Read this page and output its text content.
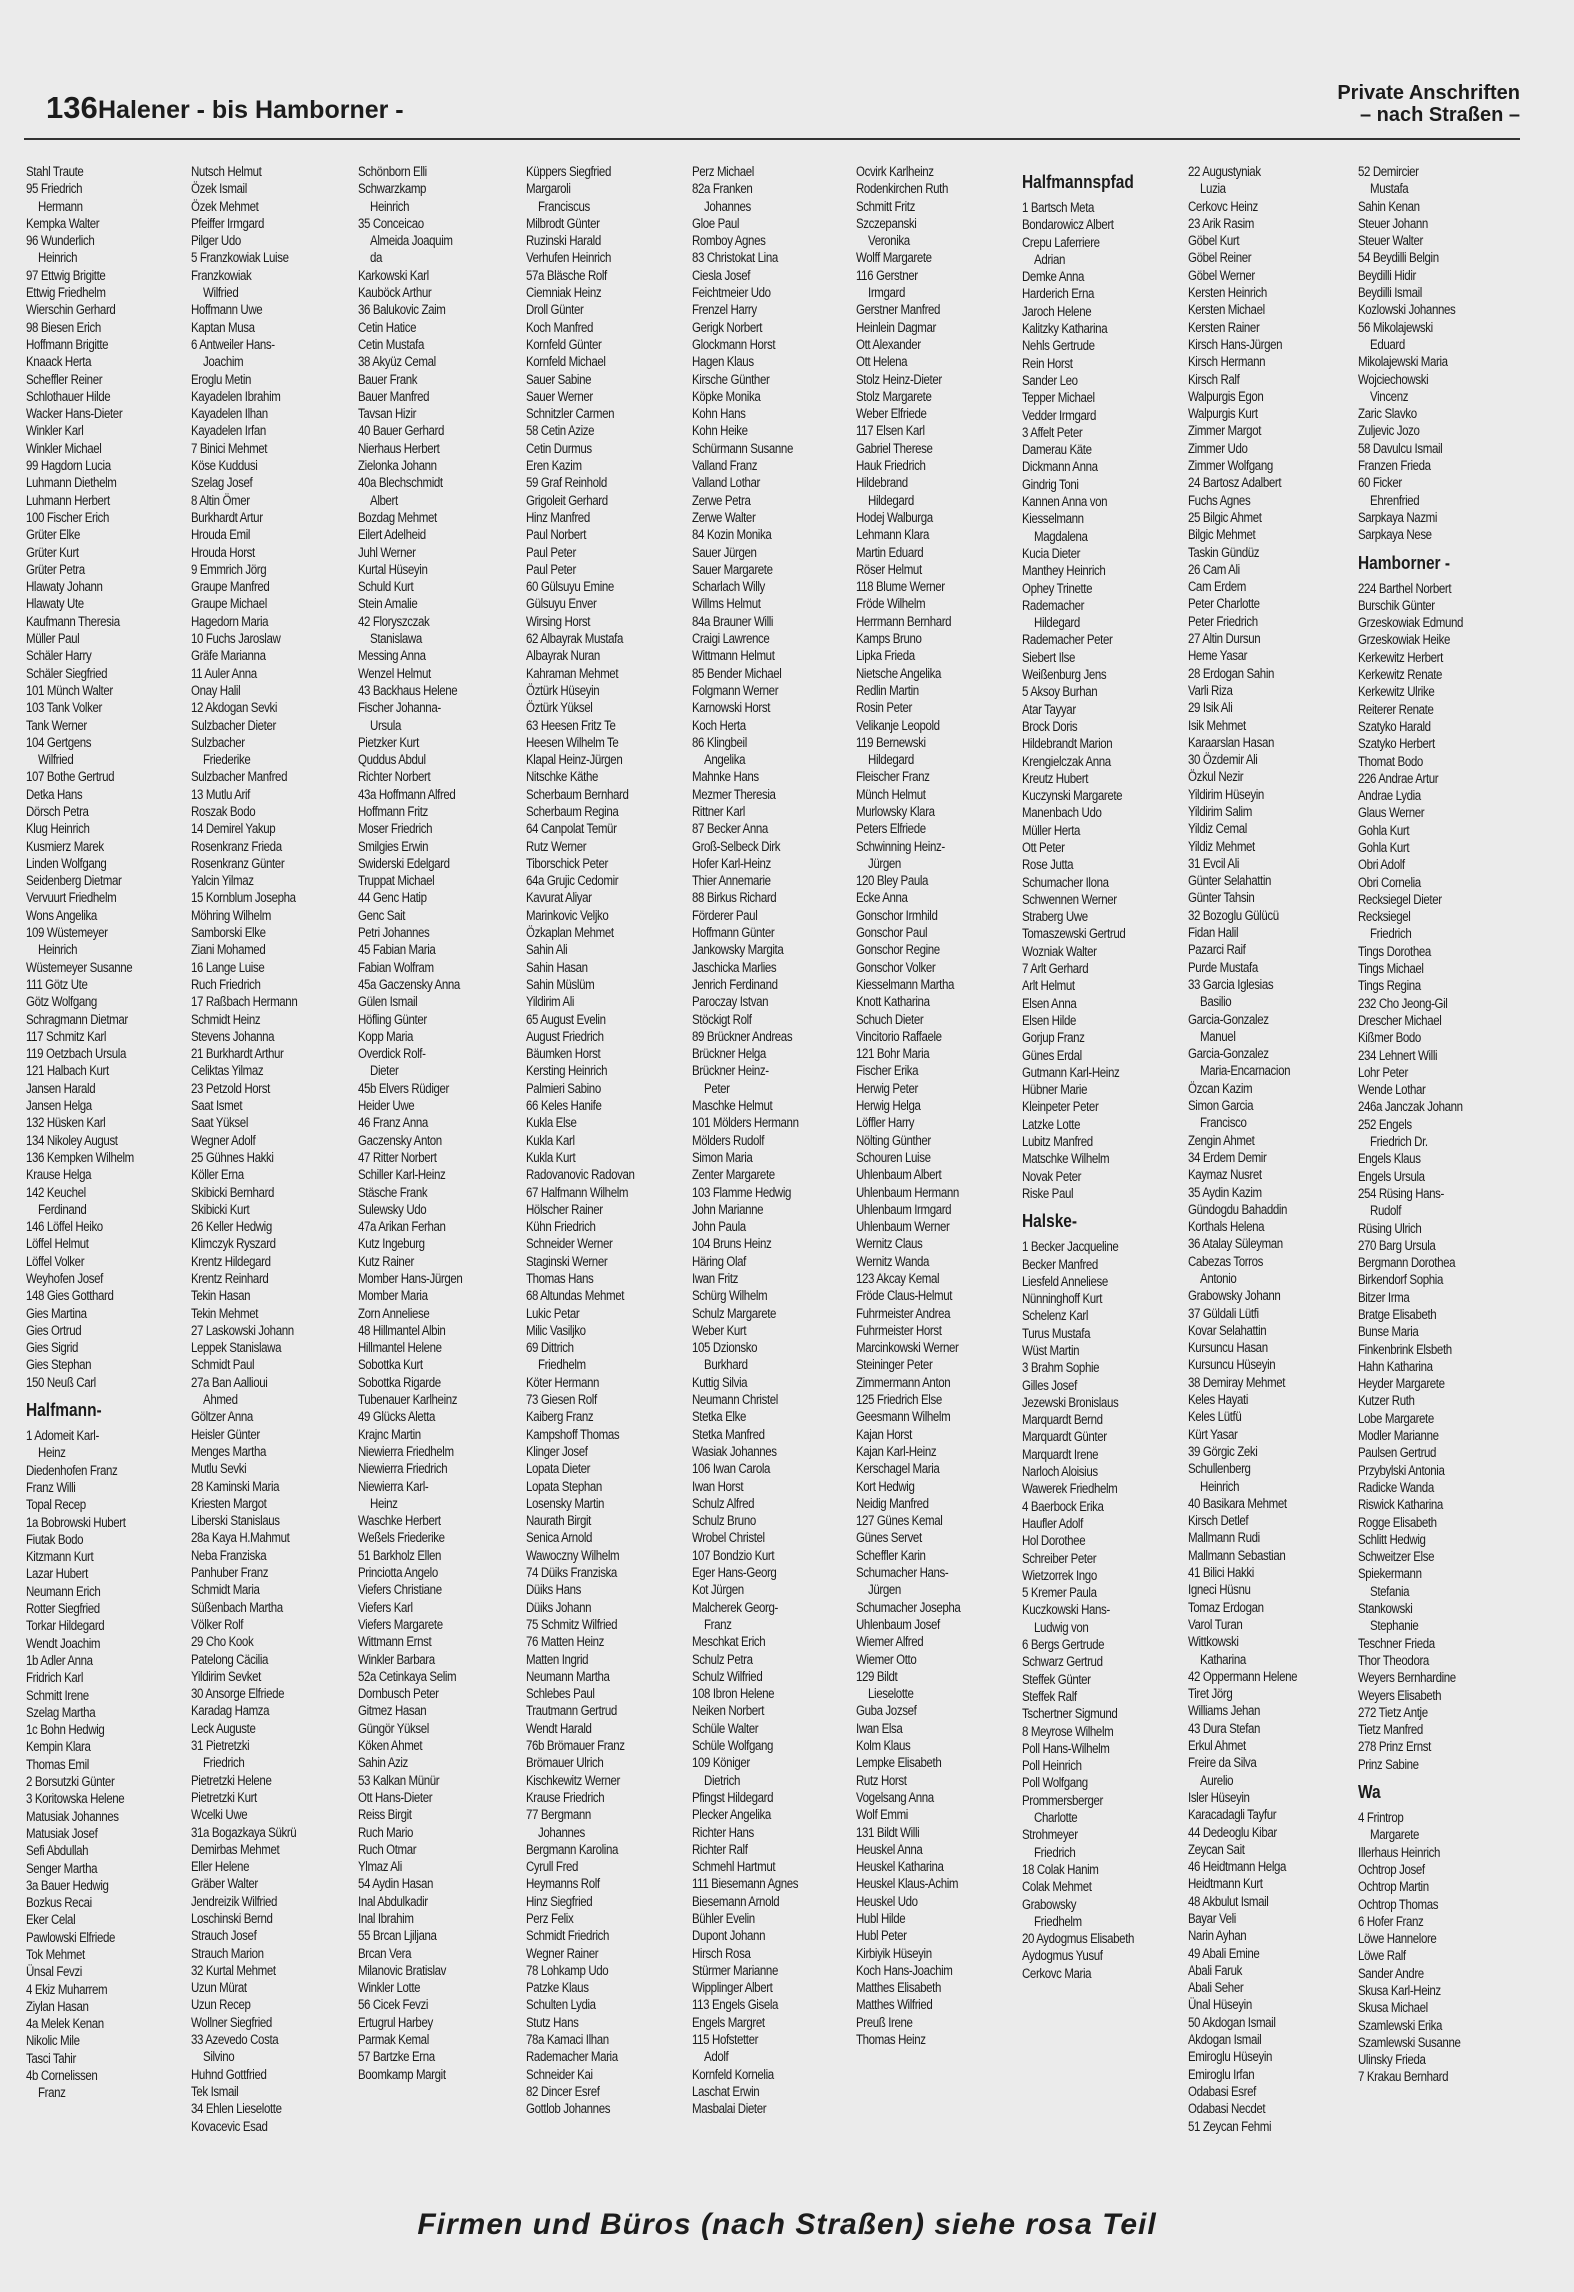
136 Halener - bis Hamborner -
Private Anschriften
– nach Straßen –
Stahl Traute
95 Friedrich
Hermann
Kempka Walter
96 Wunderlich
Heinrich
97 Ettwig Brigitte
Ettwig Friedhelm
Wierschin Gerhard
98 Biesen Erich
Hoffmann Brigitte
Knaack Herta
Scheffler Reiner
Schlothauer Hilde
Wacker Hans-Dieter
Winkler Karl
Winkler Michael
99 Hagdorn Lucia
Luhmann Diethelm
Luhmann Herbert
100 Fischer Erich
Grüter Elke
Grüter Kurt
Grüter Petra
Hlawaty Johann
Hlawaty Ute
Kaufmann Theresia
Müller Paul
Schäler Harry
Schäler Siegfried
101 Münch Walter
103 Tank Volker
Tank Werner
104 Gertgens
Wilfried
107 Bothe Gertrud
Detka Hans
Dörsch Petra
Klug Heinrich
Kusmierz Marek
Linden Wolfgang
Seidenberg Dietmar
Vervuurt Friedhelm
Wons Angelika
109 Wüstemeyer
Heinrich
Wüstemeyer Susanne
111 Götz Ute
Götz Wolfgang
Schragmann Dietmar
117 Schmitz Karl
119 Oetzbach Ursula
121 Halbach Kurt
Jansen Harald
Jansen Helga
132 Hüsken Karl
134 Nikoley August
136 Kempken Wilhelm
Krause Helga
142 Keuchel
Ferdinand
146 Löffel Heiko
Löffel Helmut
Löffel Volker
Weyhofen Josef
148 Gies Gotthard
Gies Martina
Gies Ortrud
Gies Sigrid
Gies Stephan
150 Neuß Carl
Halfmann-
1 Adomeit Karl-
Heinz
Diedenhofen Franz
Franz Willi
Topal Recep
1a Bobrowski Hubert
Fiutak Bodo
Kitzmann Kurt
Lazar Hubert
Neumann Erich
Rotter Siegfried
Torkar Hildegard
Wendt Joachim
1b Adler Anna
Fridrich Karl
Schmitt Irene
Szelag Martha
1c Bohn Hedwig
Kempin Klara
Thomas Emil
2 Borsutzki Günter
3 Koritowska Helene
Matusiak Johannes
Matusiak Josef
Sefi Abdullah
Senger Martha
3a Bauer Hedwig
Bozkus Recai
Eker Celal
Pawlowski Elfriede
Tok Mehmet
Ünsal Fevzi
4 Ekiz Muharrem
Ziylan Hasan
4a Melek Kenan
Nikolic Mile
Tasci Tahir
4b Cornelissen
Franz
Nutsch Helmut
Özek Ismail
Özek Mehmet
Pfeiffer Irmgard
Pilger Udo
5 Franzkowiak Luise
Franzkowiak
Wilfried
Hoffmann Uwe
Kaptan Musa
6 Antweiler Hans-
Joachim
Eroglu Metin
Kayadelen Ibrahim
Kayadelen Ilhan
Kayadelen Irfan
7 Binici Mehmet
Köse Kuddusi
Szelag Josef
8 Altin Ömer
Burkhardt Artur
Hrouda Emil
Hrouda Horst
9 Emmrich Jörg
Graupe Manfred
Graupe Michael
Hagedorn Maria
10 Fuchs Jaroslaw
Gräfe Marianna
11 Auler Anna
Onay Halil
12 Akdogan Sevki
Sulzbacher Dieter
Sulzbacher
Friederike
Sulzbacher Manfred
13 Mutlu Arif
Roszak Bodo
14 Demirel Yakup
Rosenkranz Frieda
Rosenkranz Günter
Yalcin Yilmaz
15 Kornblum Josepha
Möhring Wilhelm
Samborski Elke
Ziani Mohamed
16 Lange Luise
Ruch Friedrich
17 Raßbach Hermann
Schmidt Heinz
Stevens Johanna
21 Burkhardt Arthur
Celiktas Yilmaz
23 Petzold Horst
Saat Ismet
Saat Yüksel
Wegner Adolf
25 Gühnes Hakki
Köller Erna
Skibicki Bernhard
Skibicki Kurt
26 Keller Hedwig
Klimczyk Ryszard
Krentz Hildegard
Krentz Reinhard
Tekin Hasan
Tekin Mehmet
27 Laskowski Johann
Leppek Stanislawa
Schmidt Paul
27a Ban Aallioui
Ahmed
Göltzer Anna
Heisler Günter
Menges Martha
Mutlu Sevki
28 Kaminski Maria
Kriesten Margot
Liberski Stanislaus
28a Kaya H.Mahmut
Neba Franziska
Panhuber Franz
Schmidt Maria
Süßenbach Martha
Völker Rolf
29 Cho Kook
Patelong Cäcilia
Yildirim Sevket
30 Ansorge Elfriede
Karadag Hamza
Leck Auguste
31 Pietretzki
Friedrich
Pietretzki Helene
Pietretzki Kurt
Wcelki Uwe
31a Bogazkaya Sükrü
Demirbas Mehmet
Eller Helene
Gräber Walter
Jendreizik Wilfried
Loschinski Bernd
Strauch Josef
Strauch Marion
32 Kurtal Mehmet
Uzun Mürat
Uzun Recep
Wollner Siegfried
33 Azevedo Costa
Silvino
Huhnd Gottfried
Tek Ismail
34 Ehlen Lieselotte
Kovacevic Esad
Schönborn Elli
Schwarzkamp
Heinrich
35 Conceicao
Almeida Joaquim
da
Karkowski Karl
Kauböck Arthur
36 Balukovic Zaim
Cetin Hatice
Cetin Mustafa
38 Akyüz Cemal
Bauer Frank
Bauer Manfred
Tavsan Hizir
40 Bauer Gerhard
Nierhaus Herbert
Zielonka Johann
40a Blechschmidt
Albert
Bozdag Mehmet
Eilert Adelheid
Juhl Werner
Kurtal Hüseyin
Schuld Kurt
Stein Amalie
42 Floryszczak
Stanislawa
Messing Anna
Wenzel Helmut
43 Backhaus Helene
Fischer Johanna-
Ursula
Pietzker Kurt
Quddus Abdul
Richter Norbert
43a Hoffmann Alfred
Hoffmann Fritz
Moser Friedrich
Smilgies Erwin
Swiderski Edelgard
Truppat Michael
44 Genc Hatip
Genc Sait
Petri Johannes
45 Fabian Maria
Fabian Wolfram
45a Gaczensky Anna
Gülen Ismail
Höfling Günter
Kopp Maria
Overdick Rolf-
Dieter
45b Elvers Rüdiger
Heider Uwe
46 Franz Anna
Gaczensky Anton
47 Ritter Norbert
Schiller Karl-Heinz
Stäsche Frank
Sulewsky Udo
47a Arikan Ferhan
Kutz Ingeburg
Kutz Rainer
Momber Hans-Jürgen
Momber Maria
Zorn Anneliese
48 Hillmantel Albin
Hillmantel Helene
Sobottka Kurt
Sobottka Rigarde
Tubenauer Karlheinz
49 Glücks Aletta
Krajnc Martin
Niewierra Friedhelm
Niewierra Friedrich
Niewierra Karl-
Heinz
Waschke Herbert
Weßels Friederike
51 Barkholz Ellen
Princiotta Angelo
Viefers Christiane
Viefers Karl
Viefers Margarete
Wittmann Ernst
Winkler Barbara
52a Cetinkaya Selim
Dornbusch Peter
Gitmez Hasan
Güngör Yüksel
Köken Ahmet
Sahin Aziz
53 Kalkan Münür
Ott Hans-Dieter
Reiss Birgit
Ruch Mario
Ruch Otmar
Ylmaz Ali
54 Aydin Hasan
Inal Abdulkadir
Inal Ibrahim
55 Brcan Ljiljana
Brcan Vera
Milanovic Bratislav
Winkler Lotte
56 Cicek Fevzi
Ertugrul Harbey
Parmak Kemal
57 Bartzke Erna
Boomkamp Margit
Küppers Siegfried
Margaroli
Franciscus
Milbrodt Günter
Ruzinski Harald
Verhufen Heinrich
57a Bläsche Rolf
Ciemniak Heinz
Droll Günter
Koch Manfred
Kornfeld Günter
Kornfeld Michael
Sauer Sabine
Sauer Werner
Schnitzler Carmen
58 Cetin Azize
Cetin Durmus
Eren Kazim
59 Graf Reinhold
Grigoleit Gerhard
Hinz Manfred
Paul Norbert
Paul Peter
Paul Peter
60 Gülsuyu Emine
Gülsuyu Enver
Wirsing Horst
62 Albayrak Mustafa
Albayrak Nuran
Kahraman Mehmet
Öztürk Hüseyin
Öztürk Yüksel
63 Heesen Fritz Te
Heesen Wilhelm Te
Klapal Heinz-Jürgen
Nitschke Käthe
Scherbaum Bernhard
Scherbaum Regina
64 Canpolat Temür
Rutz Werner
Tiborschick Peter
64a Grujic Cedomir
Kavurat Aliyar
Marinkovic Veljko
Özkaplan Mehmet
Sahin Ali
Sahin Hasan
Sahin Müslüm
Yildirim Ali
65 August Evelin
August Friedrich
Bäumken Horst
Kersting Heinrich
Palmieri Sabino
66 Keles Hanife
Kukla Else
Kukla Karl
Kukla Kurt
Radovanovic Radovan
67 Halfmann Wilhelm
Hölscher Rainer
Kühn Friedrich
Schneider Werner
Staginski Werner
Thomas Hans
68 Altundas Mehmet
Lukic Petar
Milic Vasiljko
69 Dittrich
Friedhelm
Köter Hermann
73 Giesen Rolf
Kaiberg Franz
Kampshoff Thomas
Klinger Josef
Lopata Dieter
Lopata Stephan
Losensky Martin
Naurath Birgit
Senica Arnold
Wawoczny Wilhelm
74 Düiks Franziska
Düiks Hans
Düiks Johann
75 Schmitz Wilfried
76 Matten Heinz
Matten Ingrid
Neumann Martha
Schlebes Paul
Trautmann Gertrud
Wendt Harald
76b Brömauer Franz
Brömauer Ulrich
Kischkewitz Werner
Krause Friedrich
77 Bergmann
Johannes
Bergmann Karolina
Cyrull Fred
Heymanns Rolf
Hinz Siegfried
Perz Felix
Schmidt Friedrich
Wegner Rainer
78 Lohkamp Udo
Patzke Klaus
Schulten Lydia
Stutz Hans
78a Kamaci Ilhan
Rademacher Maria
Schneider Kai
82 Dincer Esref
Gottlob Johannes
Perz Michael
82a Franken
Johannes
Gloe Paul
Romboy Agnes
83 Christokat Lina
Ciesla Josef
Feichtmeier Udo
Frenzel Harry
Gerigk Norbert
Glockmann Horst
Hagen Klaus
Kirsche Günther
Köpke Monika
Kohn Hans
Kohn Heike
Schürmann Susanne
Valland Franz
Valland Lothar
Zerwe Petra
Zerwe Walter
84 Kozin Monika
Sauer Jürgen
Sauer Margarete
Scharlach Willy
Willms Helmut
84a Brauner Willi
Craigi Lawrence
Wittmann Helmut
85 Bender Michael
Folgmann Werner
Karnowski Horst
Koch Herta
86 Klingbeil
Angelika
Mahnke Hans
Mezmer Theresia
Rittner Karl
87 Becker Anna
Groß-Selbeck Dirk
Hofer Karl-Heinz
Thier Annemarie
88 Birkus Richard
Förderer Paul
Hoffmann Günter
Jankowsky Margita
Jaschicka Marlies
Jenrich Ferdinand
Paroczay Istvan
Stöckigt Rolf
89 Brückner Andreas
Brückner Helga
Brückner Heinz-
Peter
Maschke Helmut
101 Mölders Hermann
Mölders Rudolf
Simon Maria
Zenter Margarete
103 Flamme Hedwig
John Marianne
John Paula
104 Bruns Heinz
Häring Olaf
Iwan Fritz
Schürg Wilhelm
Schulz Margarete
Weber Kurt
105 Dzionsko
Burkhard
Kuttig Silvia
Neumann Christel
Stetka Elke
Stetka Manfred
Wasiak Johannes
106 Iwan Carola
Iwan Horst
Schulz Alfred
Schulz Bruno
Wrobel Christel
107 Bondzio Kurt
Eger Hans-Georg
Kot Jürgen
Malcherek Georg-
Franz
Meschkat Erich
Schulz Petra
Schulz Wilfried
108 Ibron Helene
Neiken Norbert
Schüle Walter
Schüle Wolfgang
109 Königer
Dietrich
Pfingst Hildegard
Plecker Angelika
Richter Hans
Richter Ralf
Schmehl Hartmut
111 Biesemann Agnes
Biesemann Arnold
Bühler Evelin
Dupont Johann
Hirsch Rosa
Stürmer Marianne
Wipplinger Albert
113 Engels Gisela
Engels Margret
115 Hofstetter
Adolf
Kornfeld Kornelia
Laschat Erwin
Masbalai Dieter
Ocvirk Karlheinz
Rodenkirchen Ruth
Schmitt Fritz
Szczepanski
Veronika
Wolff Margarete
116 Gerstner
Irmgard
Gerstner Manfred
Heinlein Dagmar
Ott Alexander
Ott Helena
Stolz Heinz-Dieter
Stolz Margarete
Weber Elfriede
117 Elsen Karl
Gabriel Therese
Hauk Friedrich
Hildebrand
Hildegard
Hodej Walburga
Lehmann Klara
Martin Eduard
Röser Helmut
118 Blume Werner
Fröde Wilhelm
Herrmann Bernhard
Kamps Bruno
Lipka Frieda
Nietsche Angelika
Redlin Martin
Rosin Peter
Velikanje Leopold
119 Bernewski
Hildegard
Fleischer Franz
Münch Helmut
Murlowsky Klara
Peters Elfriede
Schwinning Heinz-
Jürgen
120 Bley Paula
Ecke Anna
Gonschor Irmhild
Gonschor Paul
Gonschor Regine
Gonschor Volker
Kiesselmann Martha
Knott Katharina
Schuch Dieter
Vincitorio Raffaele
121 Bohr Maria
Fischer Erika
Herwig Peter
Herwig Helga
Löffler Harry
Nölting Günther
Schouren Luise
Uhlenbaum Albert
Uhlenbaum Hermann
Uhlenbaum Irmgard
Uhlenbaum Werner
Wernitz Claus
Wernitz Wanda
123 Akcay Kemal
Fröde Claus-Helmut
Fuhrmeister Andrea
Fuhrmeister Horst
Marcinkowski Werner
Steininger Peter
Zimmermann Anton
125 Friedrich Else
Geesmann Wilhelm
Kajan Horst
Kajan Karl-Heinz
Kerschagel Maria
Kort Hedwig
Neidig Manfred
127 Günes Kemal
Günes Servet
Scheffler Karin
Schumacher Hans-
Jürgen
Schumacher Josepha
Uhlenbaum Josef
Wiemer Alfred
Wiemer Otto
129 Bildt
Lieselotte
Guba Jozsef
Iwan Elsa
Kolm Klaus
Lempke Elisabeth
Rutz Horst
Vogelsang Anna
Wolf Emmi
131 Bildt Willi
Heuskel Anna
Heuskel Katharina
Heuskel Klaus-Achim
Heuskel Udo
Hubl Hilde
Hubl Peter
Kirbiyik Hüseyin
Koch Hans-Joachim
Matthes Elisabeth
Matthes Wilfried
Preuß Irene
Thomas Heinz
Halfmannspfad
1 Bartsch Meta
Bondarowicz Albert
Crepu Laferriere
Adrian
Demke Anna
Harderich Erna
Jaroch Helene
Kalitzky Katharina
Nehls Gertrude
Rein Horst
Sander Leo
Tepper Michael
Vedder Irmgard
3 Affelt Peter
Damerau Käte
Dickmann Anna
Gindrig Toni
Kannen Anna von
Kiesselmann
Magdalena
Kucia Dieter
Manthey Heinrich
Ophey Trinette
Rademacher
Hildegard
Rademacher Peter
Siebert Ilse
Weißenburg Jens
5 Aksoy Burhan
Atar Tayyar
Brock Doris
Hildebrandt Marion
Krengielczak Anna
Kreutz Hubert
Kuczynski Margarete
Manenbach Udo
Müller Herta
Ott Peter
Rose Jutta
Schumacher Ilona
Schwennen Werner
Straberg Uwe
Tomaszewski Gertrud
Wozniak Walter
7 Arlt Gerhard
Arlt Helmut
Elsen Anna
Elsen Hilde
Gorjup Franz
Günes Erdal
Gutmann Karl-Heinz
Hübner Marie
Kleinpeter Peter
Latzke Lotte
Lubitz Manfred
Matschke Wilhelm
Novak Peter
Riske Paul
Halske-
1 Becker Jacqueline
Becker Manfred
Liesfeld Anneliese
Nünninghoff Kurt
Schelenz Karl
Turus Mustafa
Wüst Martin
3 Brahm Sophie
Gilles Josef
Jezewski Bronislaus
Marquardt Bernd
Marquardt Günter
Marquardt Irene
Narloch Aloisius
Wawerek Friedhelm
4 Baerbock Erika
Haufler Adolf
Hol Dorothee
Schreiber Peter
Wietzorrek Ingo
5 Kremer Paula
Kuczkowski Hans-
Ludwig von
6 Bergs Gertrude
Schwarz Gertrud
Steffek Günter
Steffek Ralf
Tschertner Sigmund
8 Meyrose Wilhelm
Poll Hans-Wilhelm
Poll Heinrich
Poll Wolfgang
Prommersberger
Charlotte
Strohmeyer
Friedrich
18 Colak Hanim
Colak Mehmet
Grabowsky
Friedhelm
20 Aydogmus Elisabeth
Aydogmus Yusuf
Cerkovc Maria
22 Augustyniak
Luzia
Cerkovc Heinz
23 Arik Rasim
Göbel Kurt
Göbel Reiner
Göbel Werner
Kersten Heinrich
Kersten Michael
Kersten Rainer
Kirsch Hans-Jürgen
Kirsch Hermann
Kirsch Ralf
Walpurgis Egon
Walpurgis Kurt
Zimmer Margot
Zimmer Udo
Zimmer Wolfgang
24 Bartosz Adalbert
Fuchs Agnes
25 Bilgic Ahmet
Bilgic Mehmet
Taskin Gündüz
26 Cam Ali
Cam Erdem
Peter Charlotte
Peter Friedrich
27 Altin Dursun
Heme Yasar
28 Erdogan Sahin
Varli Riza
29 Isik Ali
Isik Mehmet
Karaarslan Hasan
30 Özdemir Ali
Özkul Nezir
Yildirim Hüseyin
Yildirim Salim
Yildiz Cemal
Yildiz Mehmet
31 Evcil Ali
Günter Selahattin
Günter Tahsin
32 Bozoglu Gülücü
Fidan Halil
Pazarci Raif
Purde Mustafa
33 Garcia Iglesias
Basilio
Garcia-Gonzalez
Manuel
Garcia-Gonzalez
Maria-Encarnacion
Özcan Kazim
Simon Garcia
Francisco
Zengin Ahmet
34 Erdem Demir
Kaymaz Nusret
35 Aydin Kazim
Gündogdu Bahaddin
Korthals Helena
36 Atalay Süleyman
Cabezas Torros
Antonio
Grabowsky Johann
37 Güldali Lütfi
Kovar Selahattin
Kursuncu Hasan
Kursuncu Hüseyin
38 Demiray Mehmet
Keles Hayati
Keles Lütfü
Kürt Yasar
39 Görgic Zeki
Schullenberg
Heinrich
40 Basikara Mehmet
Kirsch Detlef
Mallmann Rudi
Mallmann Sebastian
41 Bilici Hakki
Igneci Hüsnu
Tomaz Erdogan
Varol Turan
Wittkowski
Katharina
42 Oppermann Helene
Tiret Jörg
Williams Jehan
43 Dura Stefan
Erkul Ahmet
Freire da Silva
Aurelio
Isler Hüseyin
Karacadagli Tayfur
44 Dedeoglu Kibar
Zeycan Sait
46 Heidtmann Helga
Heidtmann Kurt
48 Akbulut Ismail
Bayar Veli
Narin Ayhan
49 Abali Emine
Abali Faruk
Abali Seher
Ünal Hüseyin
50 Akdogan Ismail
Akdogan Ismail
Emiroglu Hüseyin
Emiroglu Irfan
Odabasi Esref
Odabasi Necdet
51 Zeycan Fehmi
52 Demircier
Mustafa
Sahin Kenan
Steuer Johann
Steuer Walter
54 Beydilli Belgin
Beydilli Hidir
Beydilli Ismail
Kozlowski Johannes
56 Mikolajewski
Eduard
Mikolajewski Maria
Wojciechowski
Vincenz
Zaric Slavko
Zuljevic Jozo
58 Davulcu Ismail
Franzen Frieda
60 Ficker
Ehrenfried
Sarpkaya Nazmi
Sarpkaya Nese
Hamborner -
224 Barthel Norbert
Burschik Günter
Grzeskowiak Edmund
Grzeskowiak Heike
Kerkewitz Herbert
Kerkewitz Renate
Kerkewitz Ulrike
Reiterer Renate
Szatyko Harald
Szatyko Herbert
Thomat Bodo
226 Andrae Artur
Andrae Lydia
Glaus Werner
Gohla Kurt
Gohla Kurt
Obri Adolf
Obri Cornelia
Recksiegel Dieter
Recksiegel
Friedrich
Tings Dorothea
Tings Michael
Tings Regina
232 Cho Jeong-Gil
Drescher Michael
Kißmer Bodo
234 Lehnert Willi
Lohr Peter
Wende Lothar
246a Janczak Johann
252 Engels
Friedrich Dr.
Engels Klaus
Engels Ursula
254 Rüsing Hans-
Rudolf
Rüsing Ulrich
270 Barg Ursula
Bergmann Dorothea
Birkendorf Sophia
Bitzer Irma
Bratge Elisabeth
Bunse Maria
Finkenbrink Elsbeth
Hahn Katharina
Heyder Margarete
Kutzer Ruth
Lobe Margarete
Modler Marianne
Paulsen Gertrud
Przybylski Antonia
Radicke Wanda
Riswick Katharina
Rogge Elisabeth
Schlitt Hedwig
Schweitzer Else
Spiekermann
Stefania
Stankowski
Stephanie
Teschner Frieda
Thor Theodora
Weyers Bernhardine
Weyers Elisabeth
272 Tietz Antje
Tietz Manfred
278 Prinz Ernst
Prinz Sabine
Wa
4 Frintrop
Margarete
Illerhaus Heinrich
Ochtrop Josef
Ochtrop Martin
Ochtrop Thomas
6 Hofer Franz
Löwe Hannelore
Löwe Ralf
Sander Andre
Skusa Karl-Heinz
Skusa Michael
Szamlewski Erika
Szamlewski Susanne
Ulinsky Frieda
7 Krakau Bernhard
Firmen und Büros (nach Straßen) siehe rosa Teil
